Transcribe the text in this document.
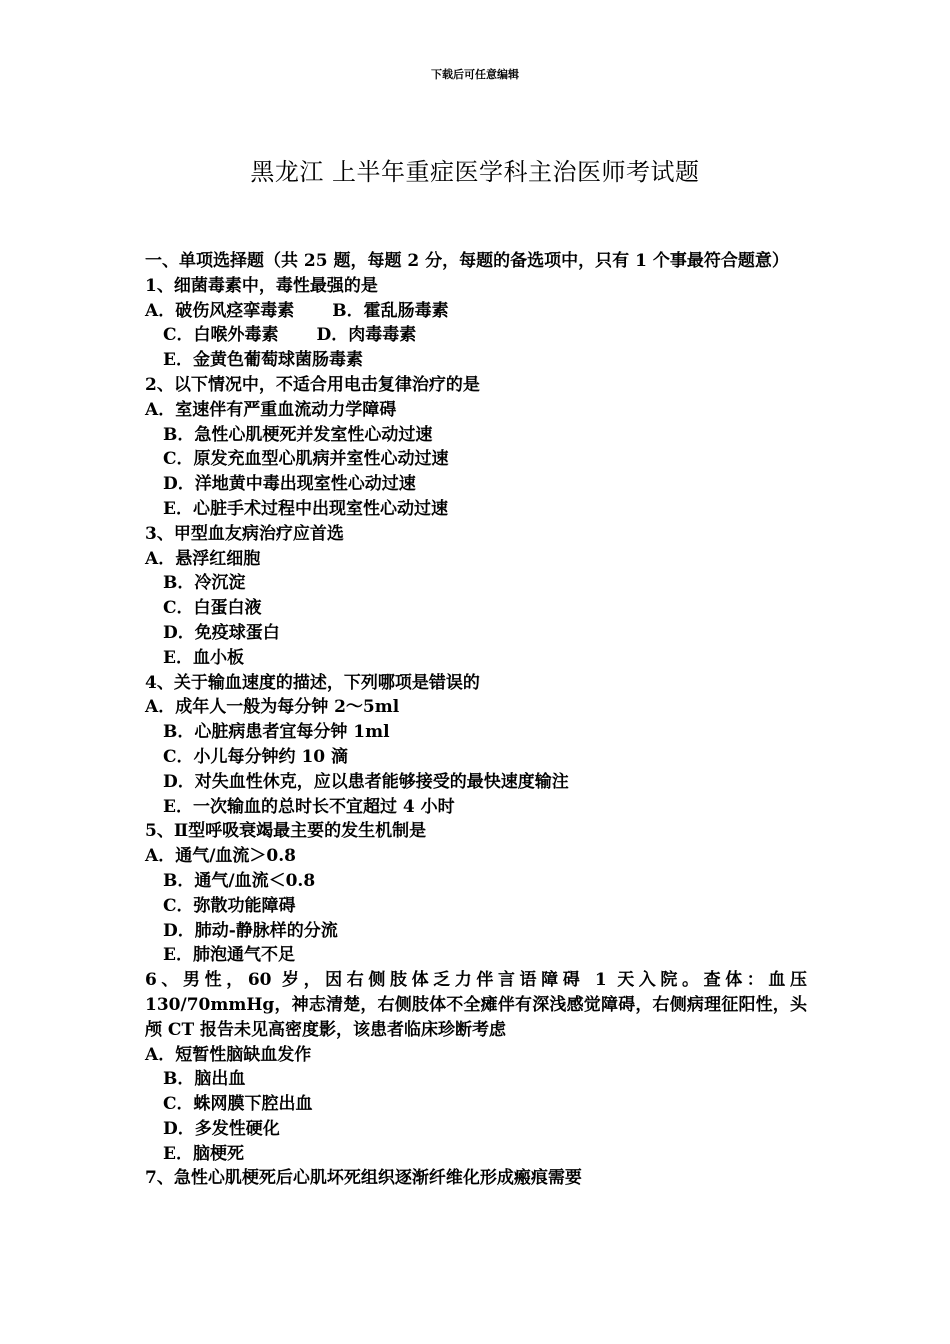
下载后可任意编辑
黑龙江 上半年重症医学科主治医师考试题
一、单项选择题（共 25 题，每题 2 分，每题的备选项中，只有 1 个事最符合题意）
1、细菌毒素中，毒性最强的是
A．破伤风痉挛毒素 B．霍乱肠毒素
C．白喉外毒素 D．肉毒毒素
E．金黄色葡萄球菌肠毒素
2、以下情况中，不适合用电击复律治疗的是
A．室速伴有严重血流动力学障碍
B．急性心肌梗死并发室性心动过速
C．原发充血型心肌病并室性心动过速
D．洋地黄中毒出现室性心动过速
E．心脏手术过程中出现室性心动过速
3、甲型血友病治疗应首选
A．悬浮红细胞
B．冷沉淀
C．白蛋白液
D．免疫球蛋白
E．血小板
4、关于输血速度的描述，下列哪项是错误的
A．成年人一般为每分钟 2～5ml
B．心脏病患者宜每分钟 1ml
C．小儿每分钟约 10 滴
D．对失血性休克，应以患者能够接受的最快速度输注
E．一次输血的总时长不宜超过 4 小时
5、Ⅱ型呼吸衰竭最主要的发生机制是
A．通气/血流＞0.8
B．通气/血流＜0.8
C．弥散功能障碍
D．肺动-静脉样的分流
E．肺泡通气不足
6、男性，60 岁，因右侧肢体乏力伴言语障碍 1 天入院。查体：血压 130/70mmHg，神志清楚，右侧肢体不全瘫伴有深浅感觉障碍，右侧病理征阳性，头颅 CT 报告未见高密度影，该患者临床珍断考虑
A．短暂性脑缺血发作
B．脑出血
C．蛛网膜下腔出血
D．多发性硬化
E．脑梗死
7、急性心肌梗死后心肌坏死组织逐渐纤维化形成瘢痕需要
